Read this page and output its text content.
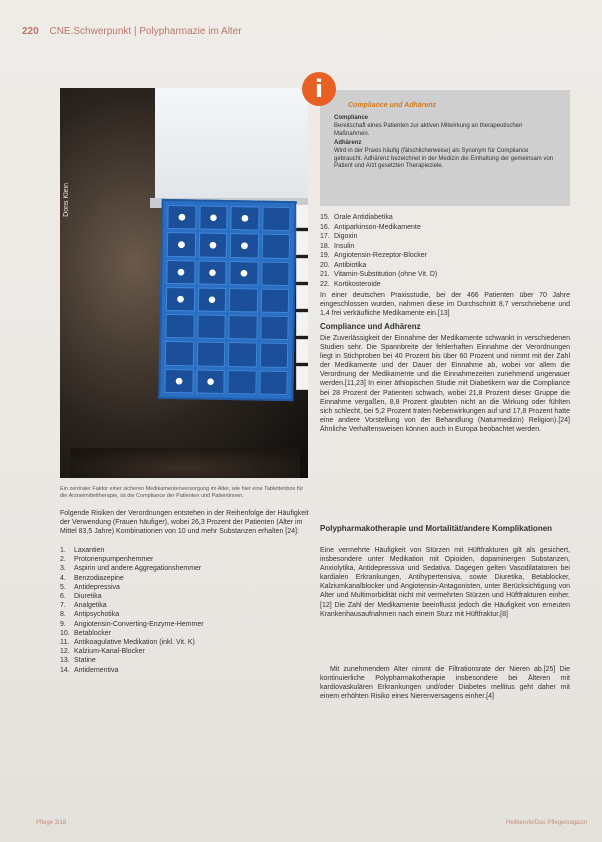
220 CNE.Schwerpunkt | Polypharmazie im Alter
Doris Klein
Ein zentraler Faktor einer sicheren Medikamentenversorgung im Alter, wie hier eine Tablettenbox für die Arzneimitteltherapie, ist die Compliance der Patienten und Patientinnen.
Folgende Risiken der Verordnungen entstehen in der Reihenfolge der Häufigkeit der Verwendung (Frauen häufiger), wobei 26,3 Prozent der Patienten (Alter im Mittel 83,5 Jahre) Kombinationen von 10 und mehr Substanzen erhalten [24]:
1.	Laxantien
2.	Protonenpumpenhemmer
3.	Aspirin und andere Aggregationshemmer
4.	Benzodiazepine
5.	Antidepressiva
6.	Diuretika
7.	Analgetika
8.	Antipsychotika
9.	Angiotensin-Converting-Enzyme-Hemmer
10. Betablocker
11. Antikoagulative Medikation (inkl. Vit. K)
12. Kalzium-Kanal-Blocker
13. Statine
14. Antidementiva
Compliance und Adhärenz
Compliance
Bereitschaft eines Patienten zur aktiven Mitwirkung an therapeutischen Maßnahmen.
Adhärenz
Wird in der Praxis häufig (fälschlicherweise) als Synonym für Compliance gebraucht. Adhärenz bezeichnet in der Medizin die Einhaltung der gemeinsam von Patient und Arzt gesetzten Therapieziele.
i
15. Orale Antidiabetika
16. Antiparkinson-Medikamente
17. Digoxin
18. Insulin
19. Angiotensin-Rezeptor-Blocker
20. Antibiotika
21. Vitamin-Substitution (ohne Vit. D)
22. Kortikosteroide
In einer deutschen Praxisstudie, bei der 466 Patienten über 70 Jahre eingeschlossen wurden, nahmen diese im Durchschnitt 8,7 verschriebene und 1,4 frei verkäufliche Medikamente ein.[13]
Compliance und Adhärenz
Die Zuverlässigkeit der Einnahme der Medikamente schwankt in verschiedenen Studien sehr. Die Spannbreite der fehlerhaften Einnahme der Verordnungen liegt in Stichproben bei 40 Prozent bis über 60 Prozent und nimmt mit der Zahl der Medikamente und der Dauer der Einnahme ab, wobei vor allem die Verordnung der Medikamente und die Einnahmezeiten zunehmend ungenauer werden.[11,23] In einer äthiopischen Studie mit Diabetikern war die Compliance bei 28 Prozent der Patienten schwach, wobei 21,8 Prozent dieser Gruppe die Einnahme vergaßen, 8,8 Prozent glaubten nicht an die Wirkung oder fühlten sich schlecht, bei 5,2 Prozent traten Nebenwirkungen auf und 17,8 Prozent hatte eine andere Vorstellung von der Behandlung (Naturmedizin) Religion).[24] Ähnliche Verhaltensweisen können auch in Europa beobachtet werden.
Polypharmakotherapie und Mortalität/andere Komplikationen
Eine vermehrte Häufigkeit von Stürzen mit Hüftfrakturen gilt als gesichert, insbesondere unter Medikation mit Opioiden, dopaminergen Substanzen, Anxiolytika, Antidepressiva und Sedativa. Dagegen gelten Vasodilatatoren bei kardialen Erkrankungen, Antihypertensiva, sowie Diuretika, Betablocker, Kalziumkanalblocker und Angiotensin-Antagonisten, unter Berücksichtigung von Alter und Multimorbidität nicht mit vermehrten Stürzen und Hüftfrakturen einher.[12] Die Zahl der Medikamente beeinflusst jedoch die Häufigkeit von erneuten Krankenhausaufnahmen nach einem Sturz mit Hüftfraktur.[8]
Mit zunehmendem Alter nimmt die Filtrationsrate der Nieren ab.[25] Die kontinuierliche Polypharmakotherapie insbesondere bei Älteren mit kardiovaskulären Erkrankungen und/oder Diabetes mellitus geht daher mit einem erhöhten Risiko eines Nierenversagens einher.[4]
Pflege 3/18	Heilberufe/Das Pflegemagazin
